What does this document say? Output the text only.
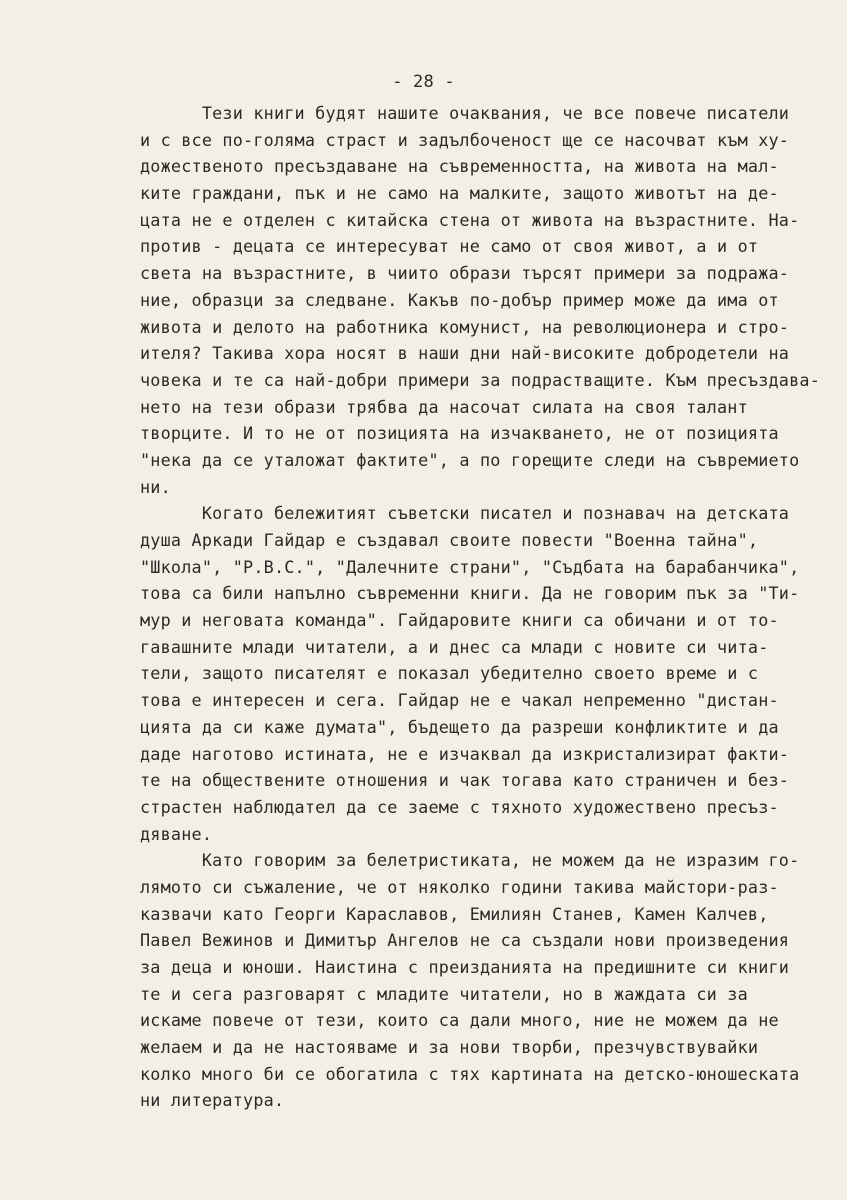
- 28 -
Тези книги будят нашите очаквания, че все повече писатели
и с все по-голяма страст и задълбоченост ще се насочват към ху-
дожественото пресъздаване на съвременността, на живота на мал-
ките граждани, пък и не само на малките, защото животът на де-
цата не е отделен с китайска стена от живота на възрастните. На-
против - децата се интересуват не само от своя живот, а и от
света на възрастните, в чиито образи търсят примери за подража-
ние, образци за следване. Какъв по-добър пример може да има от
живота и делото на работника комунист, на революционера и стро-
ителя? Такива хора носят в наши дни най-високите добродетели на
човека и те са най-добри примери за подрастващите. Към пресъздава-
нето на тези образи трябва да насочат силата на своя талант
творците. И то не от позицията на изчакването, не от позицията
"нека да се уталожат фактите", а по горещите следи на съвремието
ни.
Когато бележитият съветски писател и познавач на детската
душа Аркади Гайдар е създавал своите повести "Военна тайна",
"Школа", "Р.В.С.", "Далечните страни", "Съдбата на барабанчика",
това са били напълно съвременни книги. Да не говорим пък за "Ти-
мур и неговата команда". Гайдаровите книги са обичани и от то-
гавашните млади читатели, а и днес са млади с новите си чита-
тели, защото писателят е показал убедително своето време и с
това е интересен и сега. Гайдар не е чакал непременно "дистан-
цията да си каже думата", бъдещето да разреши конфликтите и да
даде наготово истината, не е изчаквал да изкристализират факти-
те на обществените отношения и чак тогава като страничен и без-
страстен наблюдател да се заеме с тяхното художествено пресъз-
дяване.
Като говорим за белетристиката, не можем да не изразим го-
лямото си съжаление, че от няколко години такива майстори-раз-
казвачи като Георги Караславов, Емилиян Станев, Камен Калчев,
Павел Вежинов и Димитър Ангелов не са създали нови произведения
за деца и юноши. Наистина с преизданията на предишните си книги
те и сега разговарят с младите читатели, но в жаждата си за
искаме повече от тези, които са дали много, ние не можем да не
желаем и да не настояваме и за нови творби, презчувствувайки
колко много би се обогатила с тях картината на детско-юношеската
ни литература.
